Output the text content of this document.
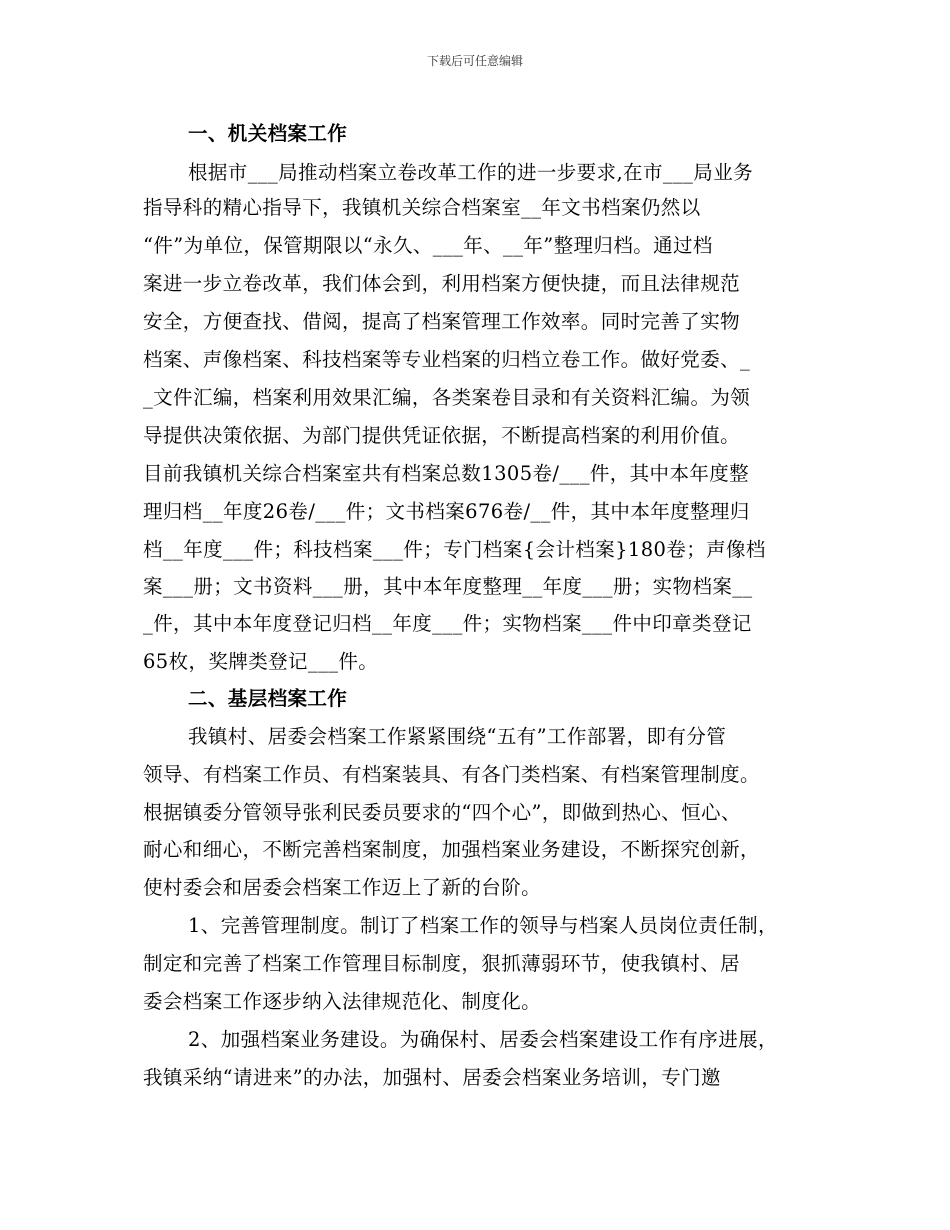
下载后可任意编辑
一、机关档案工作
根据市___局推动档案立卷改革工作的进一步要求,在市___局业务
指导科的精心指导下，我镇机关综合档案室__年文书档案仍然以
“件”为单位，保管期限以“永久、___年、__年”整理归档。通过档
案进一步立卷改革，我们体会到，利用档案方便快捷，而且法律规范
安全，方便查找、借阅，提高了档案管理工作效率。同时完善了实物
档案、声像档案、科技档案等专业档案的归档立卷工作。做好党委、_
_文件汇编，档案利用效果汇编，各类案卷目录和有关资料汇编。为领
导提供决策依据、为部门提供凭证依据，不断提高档案的利用价值。
目前我镇机关综合档案室共有档案总数1305卷/___件，其中本年度整
理归档__年度26卷/___件；文书档案676卷/__件，其中本年度整理归
档__年度___件；科技档案___件；专门档案{会计档案}180卷；声像档
案___册；文书资料___册，其中本年度整理__年度___册；实物档案__
_件，其中本年度登记归档__年度___件；实物档案___件中印章类登记
65枚，奖牌类登记___件。
二、基层档案工作
我镇村、居委会档案工作紧紧围绕“五有”工作部署，即有分管
领导、有档案工作员、有档案装具、有各门类档案、有档案管理制度。
根据镇委分管领导张利民委员要求的“四个心”，即做到热心、恒心、
耐心和细心，不断完善档案制度，加强档案业务建设，不断探究创新，
使村委会和居委会档案工作迈上了新的台阶。
1、完善管理制度。制订了档案工作的领导与档案人员岗位责任制，
制定和完善了档案工作管理目标制度，狠抓薄弱环节，使我镇村、居
委会档案工作逐步纳入法律规范化、制度化。
2、加强档案业务建设。为确保村、居委会档案建设工作有序进展，
我镇采纳“请进来”的办法，加强村、居委会档案业务培训，专门邀
